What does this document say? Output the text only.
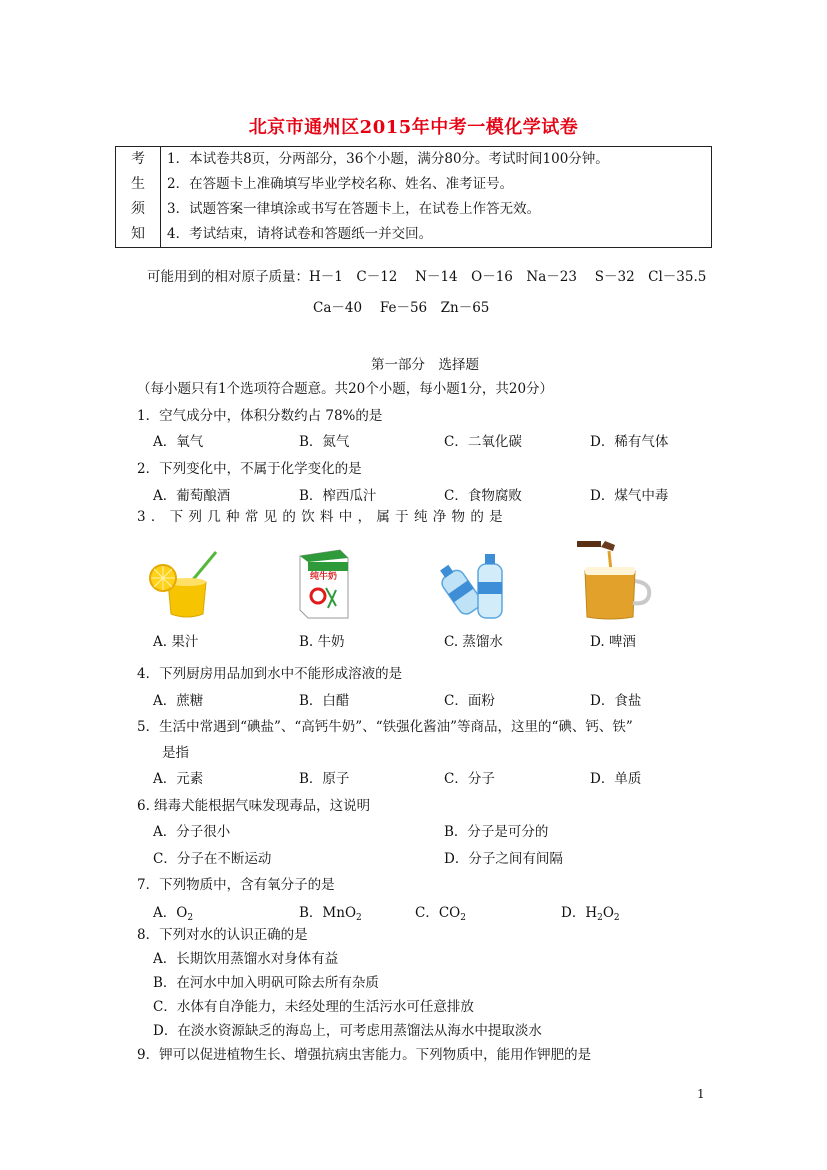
北京市通州区2015年中考一模化学试卷
考
生
须
知

1．本试卷共8页，分两部分，36个小题，满分80分。考试时间100分钟。
2．在答题卡上准确填写毕业学校名称、姓名、准考证号。
3．试题答案一律填涂或书写在答题卡上，在试卷上作答无效。
4．考试结束，请将试卷和答题纸一并交回。
可能用到的相对原子质量：H－1　C－12　 N－14　O－16　Na－23　 S－32　Cl－35.5
Ca－40　 Fe－56　Zn－65
第一部分　选择题
（每小题只有1个选项符合题意。共20个小题，每小题1分，共20分）
1．空气成分中，体积分数约占 78%的是
A．氧气	B．氮气	C．二氧化碳	D．稀有气体
2．下列变化中，不属于化学变化的是
A．葡萄酿酒	B．榨西瓜汁	C．食物腐败	D．煤气中毒
3 ． 下 列 几 种 常 见 的 饮 料 中 ， 属 于 纯 净 物 的 是
纯牛奶
A. 果汁	B. 牛奶	C. 蒸馏水	D. 啤酒
4．下列厨房用品加到水中不能形成溶液的是
A．蔗糖	B．白醋	C．面粉	D．食盐
5．生活中常遇到“碘盐”、“高钙牛奶”、“铁强化酱油”等商品，这里的“碘、钙、铁”
是指
A．元素	B．原子	C．分子	D．单质
6. 缉毒犬能根据气味发现毒品，这说明
A．分子很小	B．分子是可分的
C．分子在不断运动	D．分子之间有间隔
7．下列物质中，含有氧分子的是
A．$O_2$	B．MnO$_2$	C．$CO_2$	D．$H_2O_2$
8．下列对水的认识正确的是
A．长期饮用蒸馏水对身体有益
B．在河水中加入明矾可除去所有杂质
C．水体有自净能力，未经处理的生活污水可任意排放
D．在淡水资源缺乏的海岛上，可考虑用蒸馏法从海水中提取淡水
9．钾可以促进植物生长、增强抗病虫害能力。下列物质中，能用作钾肥的是
1
